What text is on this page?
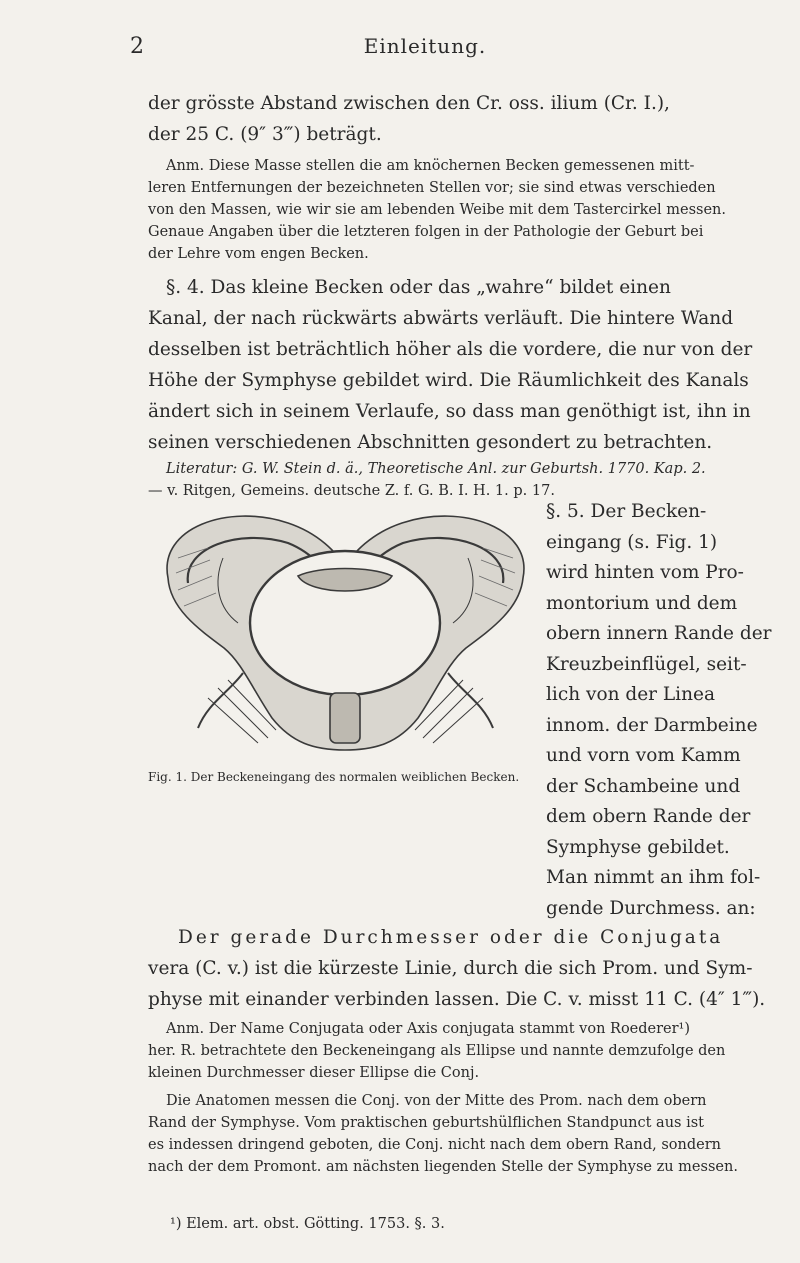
2	Einleitung.
der grösste Abstand zwischen den Cr. oss. ilium (Cr. I.),
der 25 C. (9″ 3‴) beträgt.
Anm. Diese Masse stellen die am knöchernen Becken gemessenen mitt-
leren Entfernungen der bezeichneten Stellen vor; sie sind etwas verschieden
von den Massen, wie wir sie am lebenden Weibe mit dem Tastercirkel messen.
Genaue Angaben über die letzteren folgen in der Pathologie der Geburt bei
der Lehre vom engen Becken.
§. 4. Das kleine Becken oder das „wahre“ bildet einen
Kanal, der nach rückwärts abwärts verläuft. Die hintere Wand
desselben ist beträchtlich höher als die vordere, die nur von der
Höhe der Symphyse gebildet wird. Die Räumlichkeit des Kanals
ändert sich in seinem Verlaufe, so dass man genöthigt ist, ihn in
seinen verschiedenen Abschnitten gesondert zu betrachten.
Literatur: G. W. Stein d. ä., Theoretische Anl. zur Geburtsh. 1770. Kap. 2.
— v. Ritgen, Gemeins. deutsche Z. f. G. B. I. H. 1. p. 17.
Fig. 1. Der Beckeneingang des normalen weiblichen Becken.
§. 5. Der Becken-
eingang (s. Fig. 1)
wird hinten vom Pro-
montorium und dem
obern innern Rande der
Kreuzbeinflügel, seit-
lich von der Linea
innom. der Darmbeine
und vorn vom Kamm
der Schambeine und
dem obern Rande der
Symphyse gebildet.
Man nimmt an ihm fol-
gende Durchmess. an:
Der gerade Durchmesser oder die Conjugata
vera (C. v.) ist die kürzeste Linie, durch die sich Prom. und Sym-
physe mit einander verbinden lassen. Die C. v. misst 11 C. (4″ 1‴).
Anm. Der Name Conjugata oder Axis conjugata stammt von Roederer¹)
her. R. betrachtete den Beckeneingang als Ellipse und nannte demzufolge den
kleinen Durchmesser dieser Ellipse die Conj.
Die Anatomen messen die Conj. von der Mitte des Prom. nach dem obern
Rand der Symphyse. Vom praktischen geburtshülflichen Standpunct aus ist
es indessen dringend geboten, die Conj. nicht nach dem obern Rand, sondern
nach der dem Promont. am nächsten liegenden Stelle der Symphyse zu messen.
¹) Elem. art. obst. Götting. 1753. §. 3.
